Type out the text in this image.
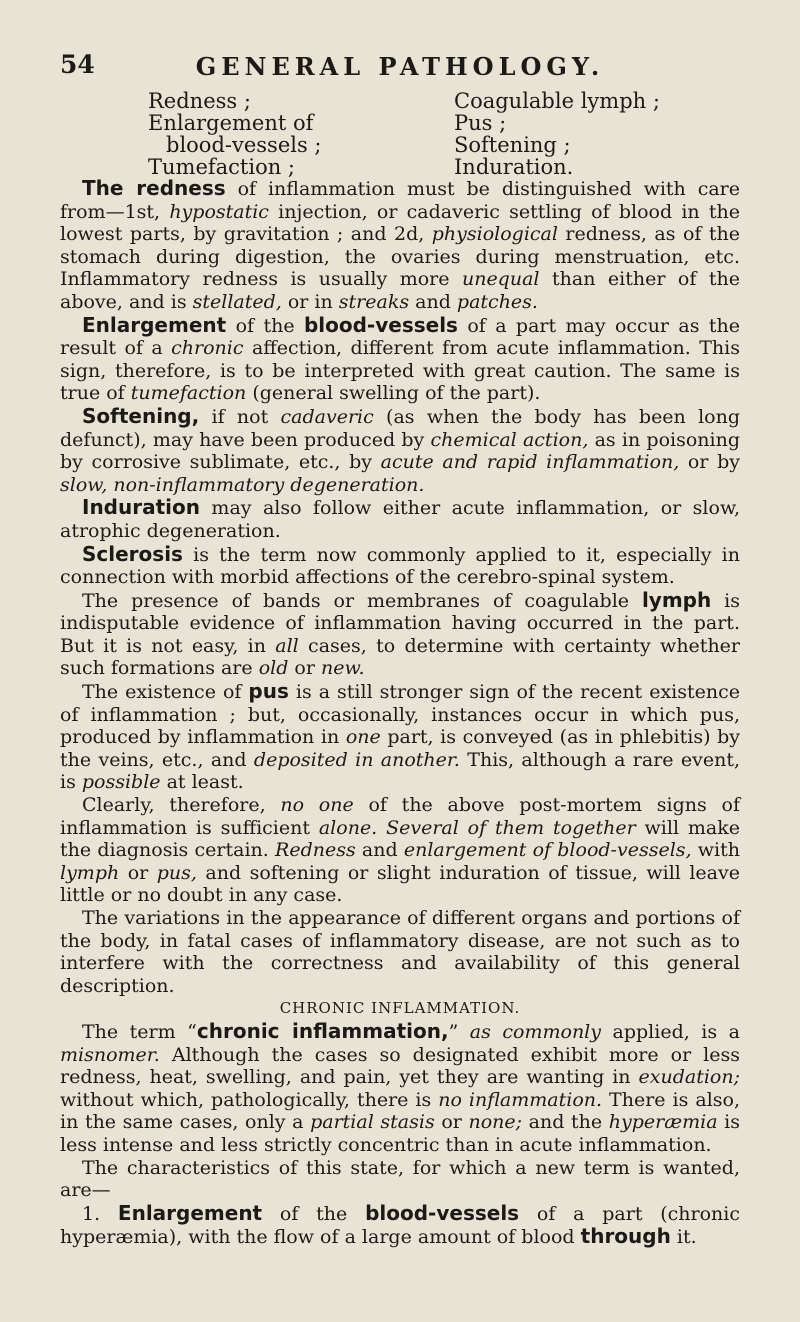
54	GENERAL PATHOLOGY.
Redness ;
Enlargement of
blood-vessels ;
Tumefaction ;
Coagulable lymph ;
Pus ;
Softening ;
Induration.

The redness of inflammation must be distinguished with care from—1st, hypostatic injection, or cadaveric settling of blood in the lowest parts, by gravitation ; and 2d, physiological redness, as of the stomach during digestion, the ovaries during menstruation, etc. Inflammatory redness is usually more unequal than either of the above, and is stellated, or in streaks and patches.

Enlargement of the blood-vessels of a part may occur as the result of a chronic affection, different from acute inflammation. This sign, therefore, is to be interpreted with great caution. The same is true of tumefaction (general swelling of the part).

Softening, if not cadaveric (as when the body has been long defunct), may have been produced by chemical action, as in poisoning by corrosive sublimate, etc., by acute and rapid inflammation, or by slow, non-inflammatory degeneration.

Induration may also follow either acute inflammation, or slow, atrophic degeneration.

Sclerosis is the term now commonly applied to it, especially in connection with morbid affections of the cerebro-spinal system.

The presence of bands or membranes of coagulable lymph is indisputable evidence of inflammation having occurred in the part. But it is not easy, in all cases, to determine with certainty whether such formations are old or new.

The existence of pus is a still stronger sign of the recent existence of inflammation ; but, occasionally, instances occur in which pus, produced by inflammation in one part, is conveyed (as in phlebitis) by the veins, etc., and deposited in another. This, although a rare event, is possible at least.

Clearly, therefore, no one of the above post-mortem signs of inflammation is sufficient alone. Several of them together will make the diagnosis certain. Redness and enlargement of blood-vessels, with lymph or pus, and softening or slight induration of tissue, will leave little or no doubt in any case.

The variations in the appearance of different organs and portions of the body, in fatal cases of inflammatory disease, are not such as to interfere with the correctness and availability of this general description.

CHRONIC INFLAMMATION.

The term “chronic inflammation,” as commonly applied, is a misnomer. Although the cases so designated exhibit more or less redness, heat, swelling, and pain, yet they are wanting in exudation; without which, pathologically, there is no inflammation. There is also, in the same cases, only a partial stasis or none; and the hyperæmia is less intense and less strictly concentric than in acute inflammation.

The characteristics of this state, for which a new term is wanted, are—

1. Enlargement of the blood-vessels of a part (chronic hyperæmia), with the flow of a large amount of blood through it.
